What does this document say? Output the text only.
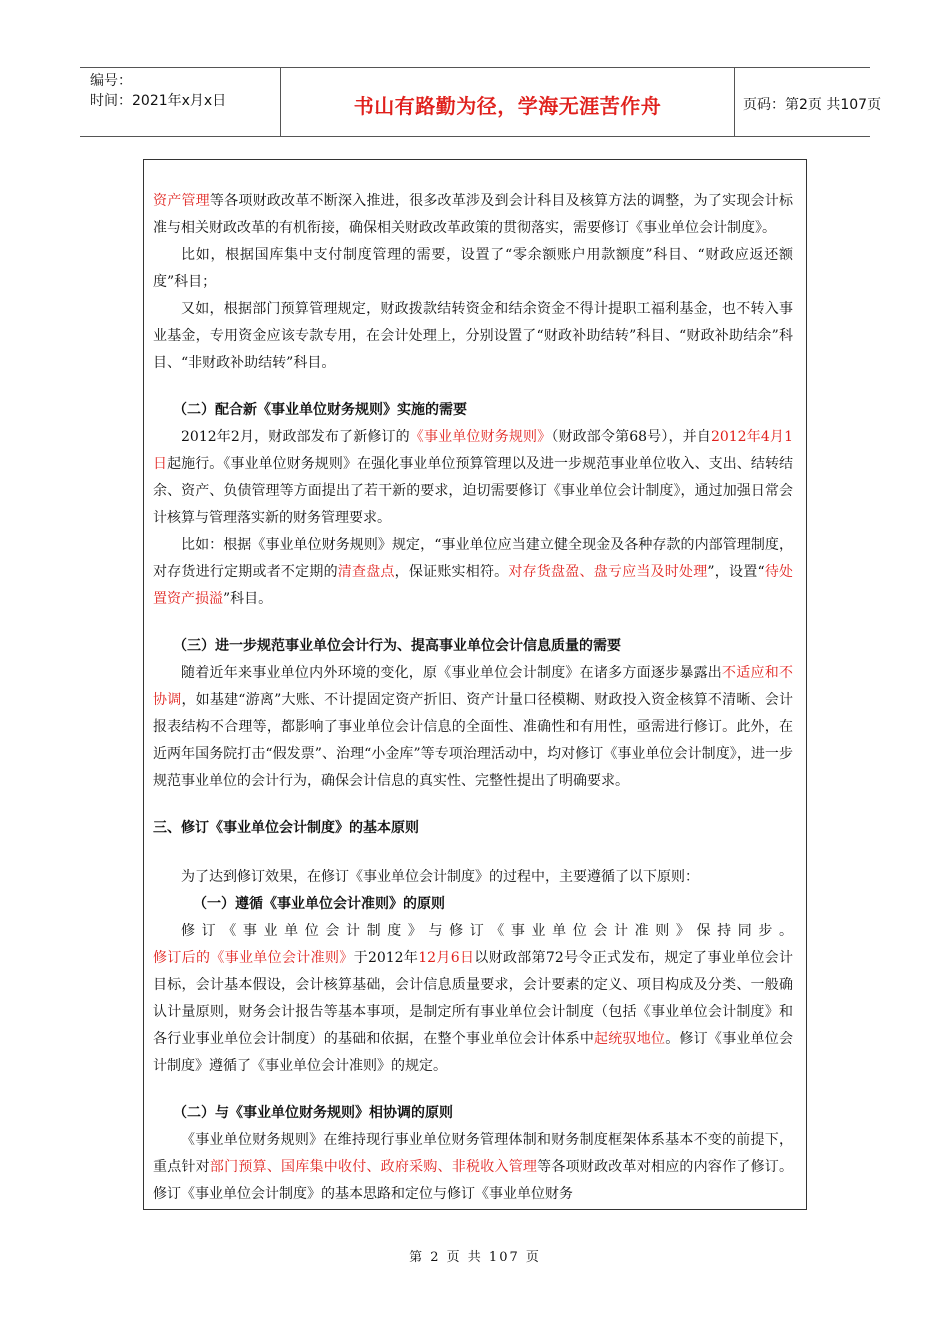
编号：
时间：2021年x月x日	书山有路勤为径，学海无涯苦作舟	页码：第2页 共107页

资产管理等各项财政改革不断深入推进，很多改革涉及到会计科目及核算方法的调整，为了实现会计标准与相关财政改革的有机衔接，确保相关财政改革政策的贯彻落实，需要修订《事业单位会计制度》。

比如，根据国库集中支付制度管理的需要，设置了“零余额账户用款额度”科目、“财政应返还额度”科目；

又如，根据部门预算管理规定，财政拨款结转资金和结余资金不得计提职工福利基金，也不转入事业基金，专用资金应该专款专用，在会计处理上，分别设置了“财政补助结转”科目、“财政补助结余”科目、“非财政补助结转”科目。

（二）配合新《事业单位财务规则》实施的需要

2012年2月，财政部发布了新修订的《事业单位财务规则》（财政部令第68号），并自2012年4月1日起施行。《事业单位财务规则》在强化事业单位预算管理以及进一步规范事业单位收入、支出、结转结余、资产、负债管理等方面提出了若干新的要求，迫切需要修订《事业单位会计制度》，通过加强日常会计核算与管理落实新的财务管理要求。

比如：根据《事业单位财务规则》规定，“事业单位应当建立健全现金及各种存款的内部管理制度，对存货进行定期或者不定期的清查盘点，保证账实相符。对存货盘盈、盘亏应当及时处理”，设置“待处置资产损溢”科目。

（三）进一步规范事业单位会计行为、提高事业单位会计信息质量的需要

随着近年来事业单位内外环境的变化，原《事业单位会计制度》在诸多方面逐步暴露出不适应和不协调，如基建“游离”大账、不计提固定资产折旧、资产计量口径模糊、财政投入资金核算不清晰、会计报表结构不合理等，都影响了事业单位会计信息的全面性、准确性和有用性，亟需进行修订。此外，在近两年国务院打击“假发票”、治理“小金库”等专项治理活动中，均对修订《事业单位会计制度》，进一步规范事业单位的会计行为，确保会计信息的真实性、完整性提出了明确要求。

三、修订《事业单位会计制度》的基本原则

为了达到修订效果，在修订《事业单位会计制度》的过程中，主要遵循了以下原则：

（一）遵循《事业单位会计准则》的原则

修订《事业单位会计制度》与修订《事业单位会计准则》保持同步。修订后的《事业单位会计准则》于2012年12月6日以财政部第72号令正式发布，规定了事业单位会计目标，会计基本假设，会计核算基础，会计信息质量要求，会计要素的定义、项目构成及分类、一般确认计量原则，财务会计报告等基本事项，是制定所有事业单位会计制度（包括《事业单位会计制度》和各行业事业单位会计制度）的基础和依据，在整个事业单位会计体系中起统驭地位。修订《事业单位会计制度》遵循了《事业单位会计准则》的规定。

（二）与《事业单位财务规则》相协调的原则

《事业单位财务规则》在维持现行事业单位财务管理体制和财务制度框架体系基本不变的前提下，重点针对部门预算、国库集中收付、政府采购、非税收入管理等各项财政改革对相应的内容作了修订。修订《事业单位会计制度》的基本思路和定位与修订《事业单位财务

第 2 页 共 107 页
